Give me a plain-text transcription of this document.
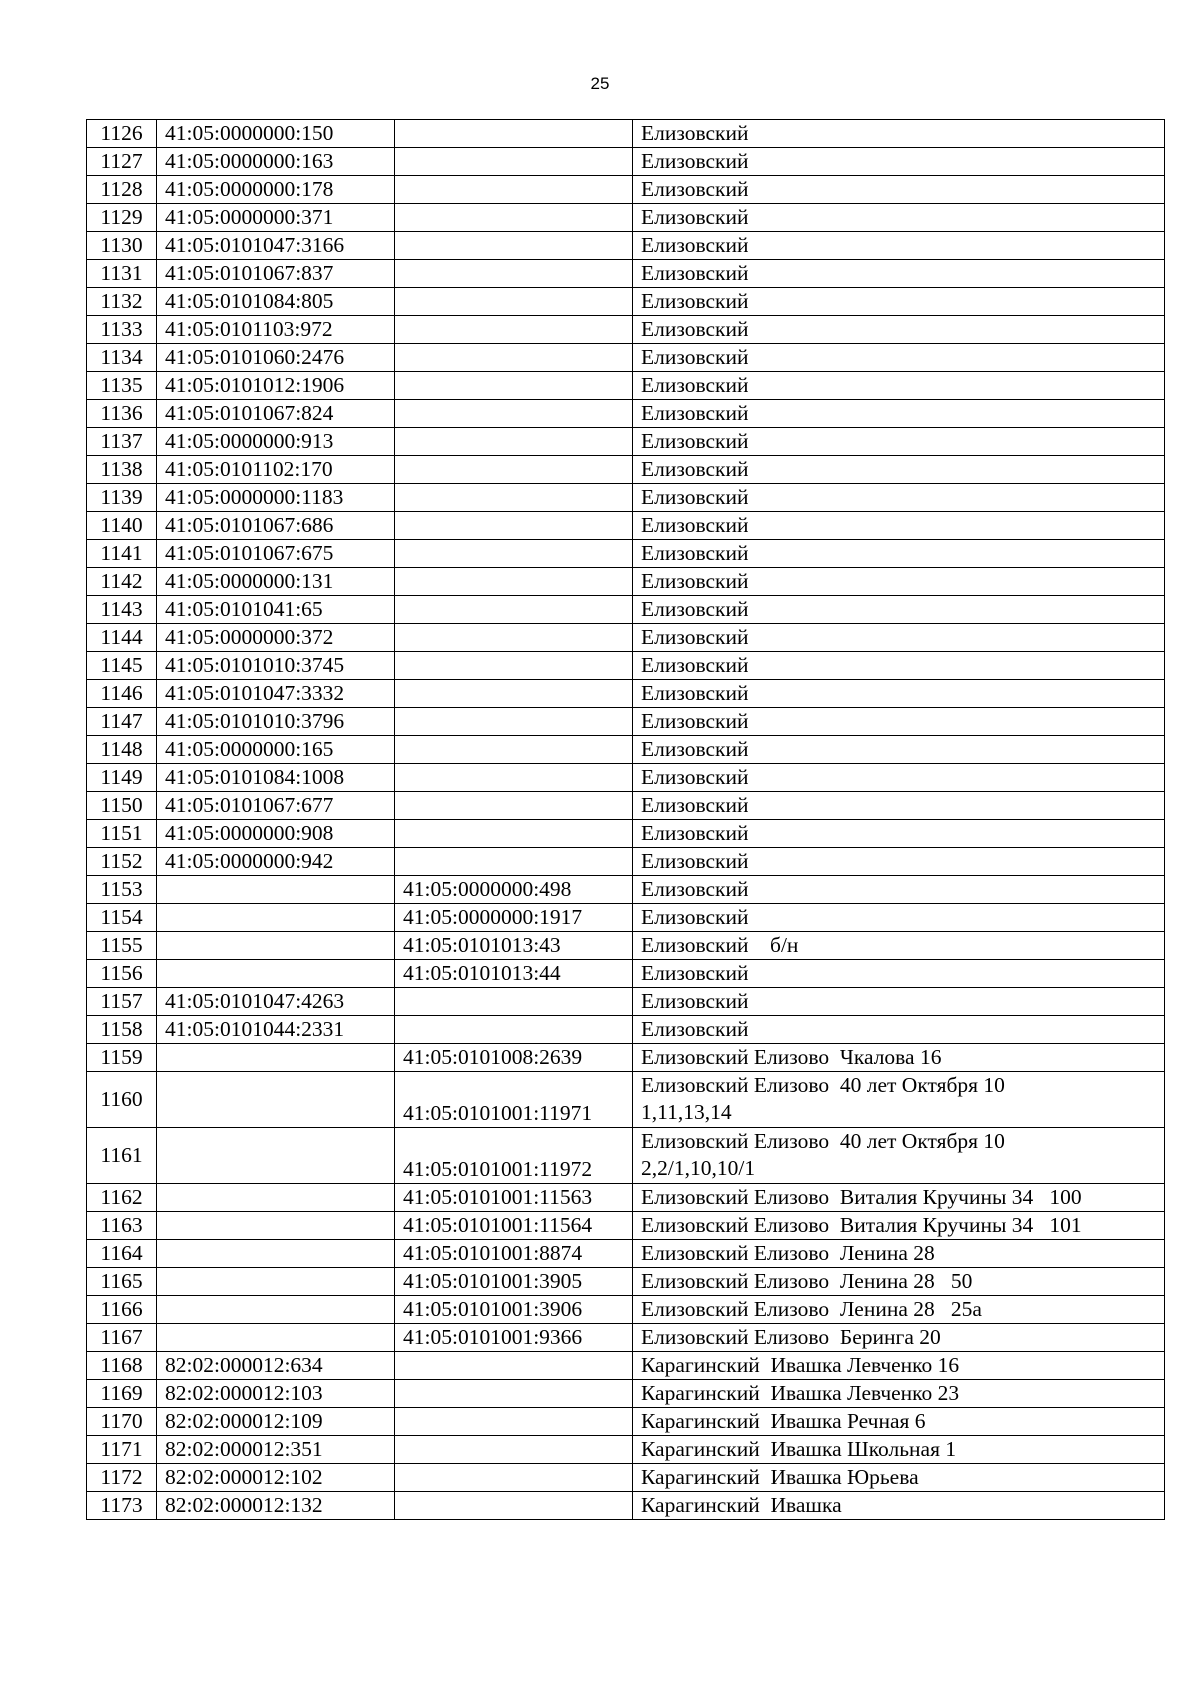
25
1126	41:05:0000000:150		Елизовский
1127	41:05:0000000:163		Елизовский
1128	41:05:0000000:178		Елизовский
1129	41:05:0000000:371		Елизовский
1130	41:05:0101047:3166		Елизовский
1131	41:05:0101067:837		Елизовский
1132	41:05:0101084:805		Елизовский
1133	41:05:0101103:972		Елизовский
1134	41:05:0101060:2476		Елизовский
1135	41:05:0101012:1906		Елизовский
1136	41:05:0101067:824		Елизовский
1137	41:05:0000000:913		Елизовский
1138	41:05:0101102:170		Елизовский
1139	41:05:0000000:1183		Елизовский
1140	41:05:0101067:686		Елизовский
1141	41:05:0101067:675		Елизовский
1142	41:05:0000000:131		Елизовский
1143	41:05:0101041:65		Елизовский
1144	41:05:0000000:372		Елизовский
1145	41:05:0101010:3745		Елизовский
1146	41:05:0101047:3332		Елизовский
1147	41:05:0101010:3796		Елизовский
1148	41:05:0000000:165		Елизовский
1149	41:05:0101084:1008		Елизовский
1150	41:05:0101067:677		Елизовский
1151	41:05:0000000:908		Елизовский
1152	41:05:0000000:942		Елизовский
1153		41:05:0000000:498	Елизовский
1154		41:05:0000000:1917	Елизовский
1155		41:05:0101013:43	Елизовский    б/н
1156		41:05:0101013:44	Елизовский
1157	41:05:0101047:4263		Елизовский
1158	41:05:0101044:2331		Елизовский
1159		41:05:0101008:2639	Елизовский Елизово  Чкалова 16
1160		41:05:0101001:11971	Елизовский Елизово  40 лет Октября 10
1,11,13,14
1161		41:05:0101001:11972	Елизовский Елизово  40 лет Октября 10
2,2/1,10,10/1
1162		41:05:0101001:11563	Елизовский Елизово  Виталия Кручины 34   100
1163		41:05:0101001:11564	Елизовский Елизово  Виталия Кручины 34   101
1164		41:05:0101001:8874	Елизовский Елизово  Ленина 28
1165		41:05:0101001:3905	Елизовский Елизово  Ленина 28   50
1166		41:05:0101001:3906	Елизовский Елизово  Ленина 28   25а
1167		41:05:0101001:9366	Елизовский Елизово  Беринга 20
1168	82:02:000012:634		Карагинский  Ивашка Левченко 16
1169	82:02:000012:103		Карагинский  Ивашка Левченко 23
1170	82:02:000012:109		Карагинский  Ивашка Речная 6
1171	82:02:000012:351		Карагинский  Ивашка Школьная 1
1172	82:02:000012:102		Карагинский  Ивашка Юрьева
1173	82:02:000012:132		Карагинский  Ивашка
